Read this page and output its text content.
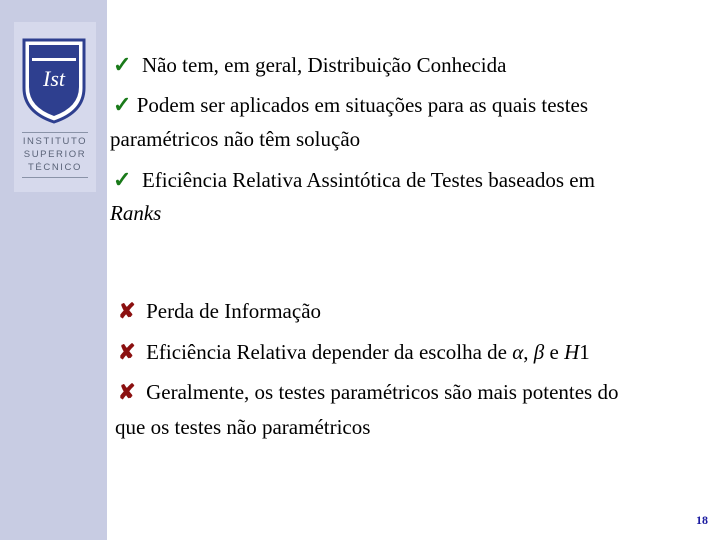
Ist
INSTITUTO
SUPERIOR
TÉCNICO
✓ Não tem, em geral, Distribuição Conhecida
✓ Podem ser aplicados em situações para as quais testes
paramétricos não têm solução
✓ Eficiência Relativa Assintótica de Testes baseados em
Ranks
✘ Perda de Informação
✘ Eficiência Relativa depender da escolha de α, β e H1
✘ Geralmente, os testes paramétricos são mais potentes do
que os testes não paramétricos
18
